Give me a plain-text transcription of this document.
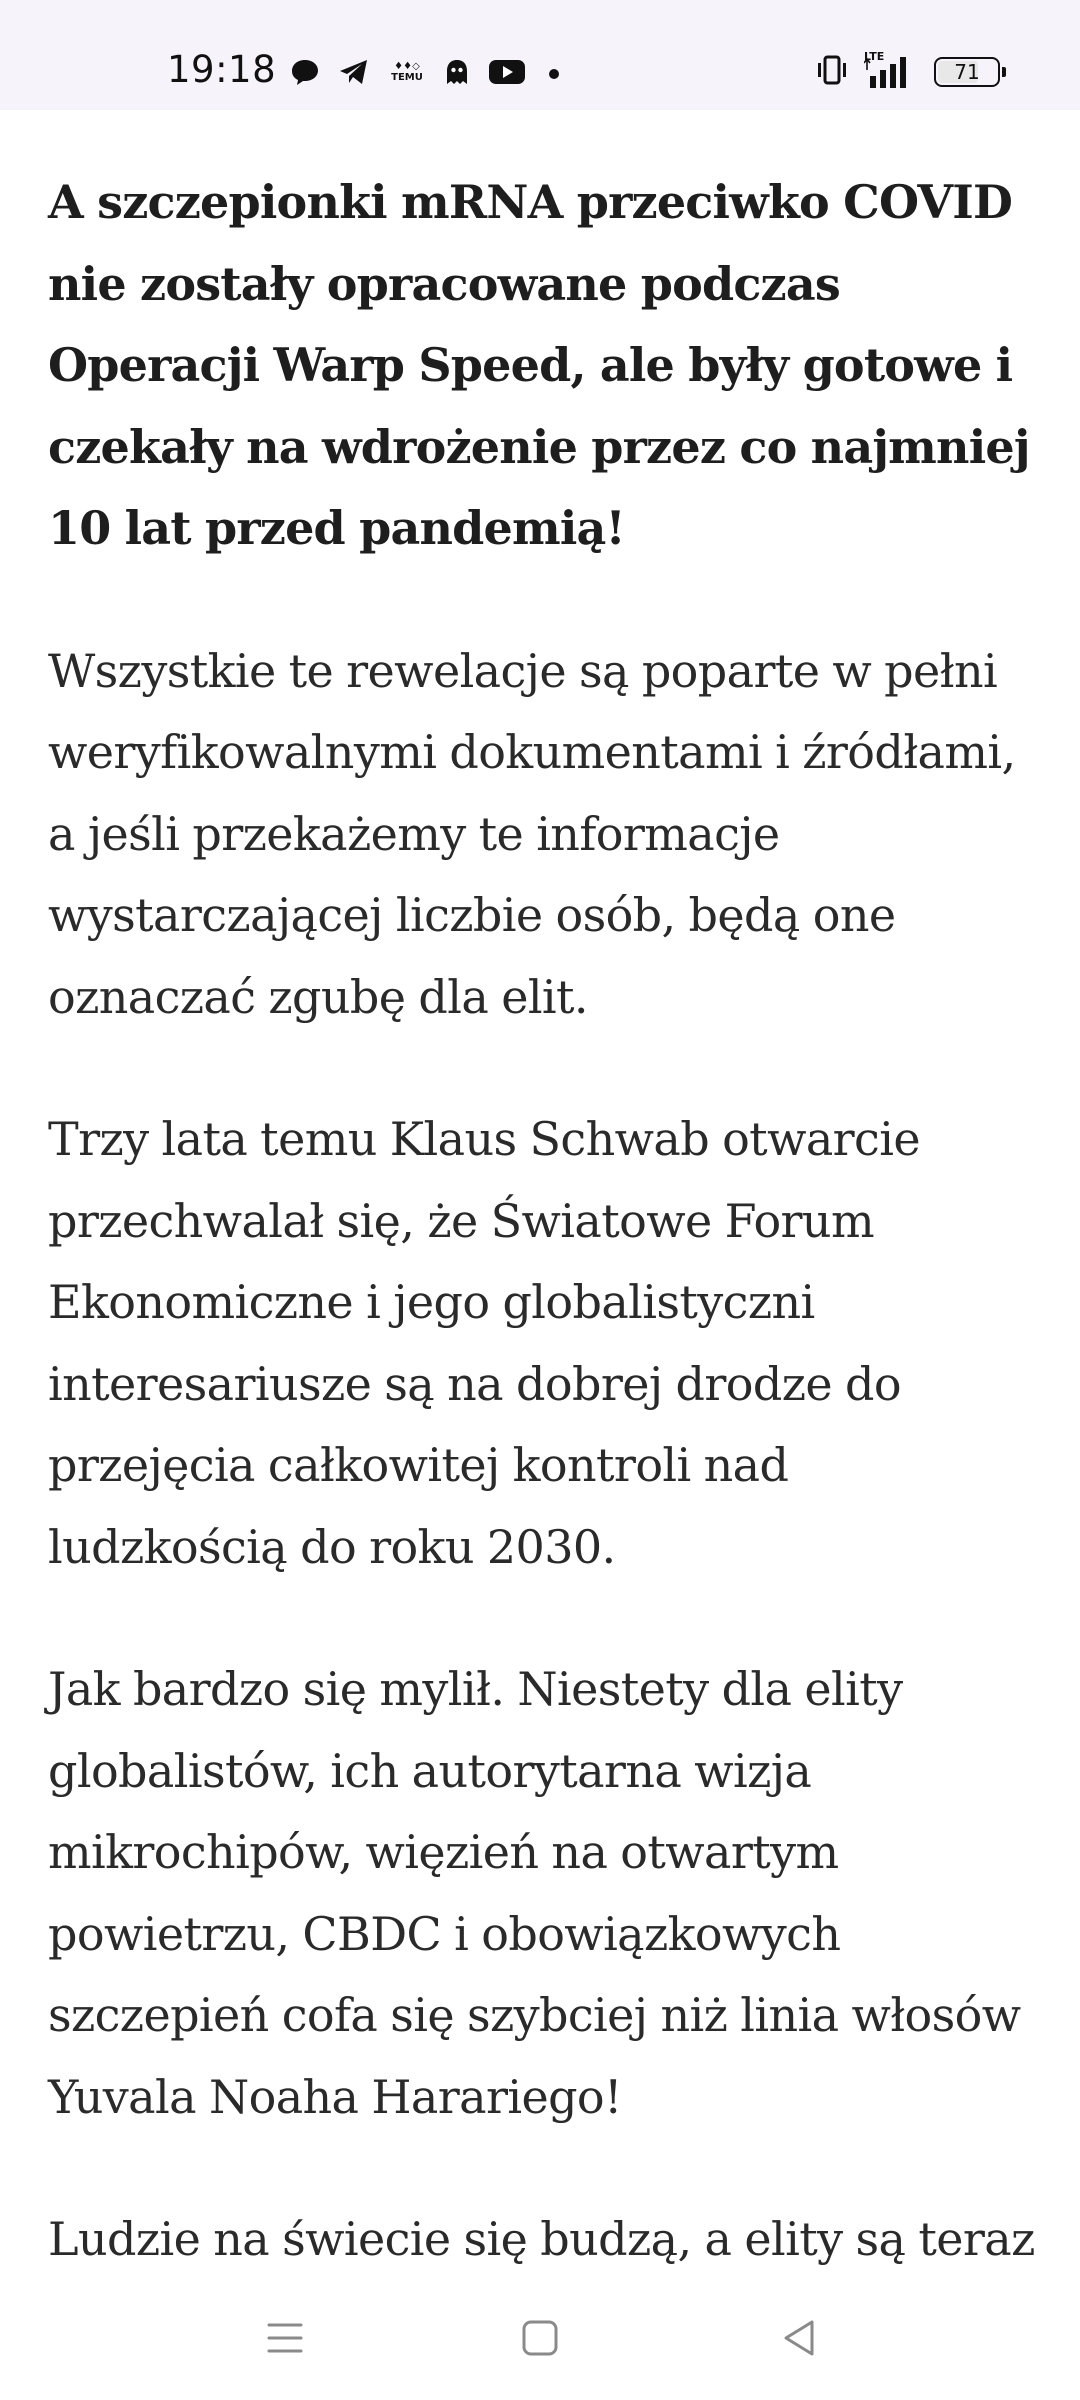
19:18	♦♦◇
TEMU
LTE
71

A szczepionki mRNA przeciwko COVID nie zostały opracowane podczas Operacji Warp Speed, ale były gotowe i czekały na wdrożenie przez co najmniej 10 lat przed pandemią!

Wszystkie te rewelacje są poparte w pełni weryfikowalnymi dokumentami i źródłami, a jeśli przekażemy te informacje wystarczającej liczbie osób, będą one oznaczać zgubę dla elit.

Trzy lata temu Klaus Schwab otwarcie przechwalał się, że Światowe Forum Ekonomiczne i jego globalistyczni interesariusze są na dobrej drodze do przejęcia całkowitej kontroli nad ludzkością do roku 2030.

Jak bardzo się mylił. Niestety dla elity globalistów, ich autorytarna wizja mikrochipów, więzień na otwartym powietrzu, CBDC i obowiązkowych szczepień cofa się szybciej niż linia włosów Yuvala Noaha Harariego!

Ludzie na świecie się budzą, a elity są teraz
